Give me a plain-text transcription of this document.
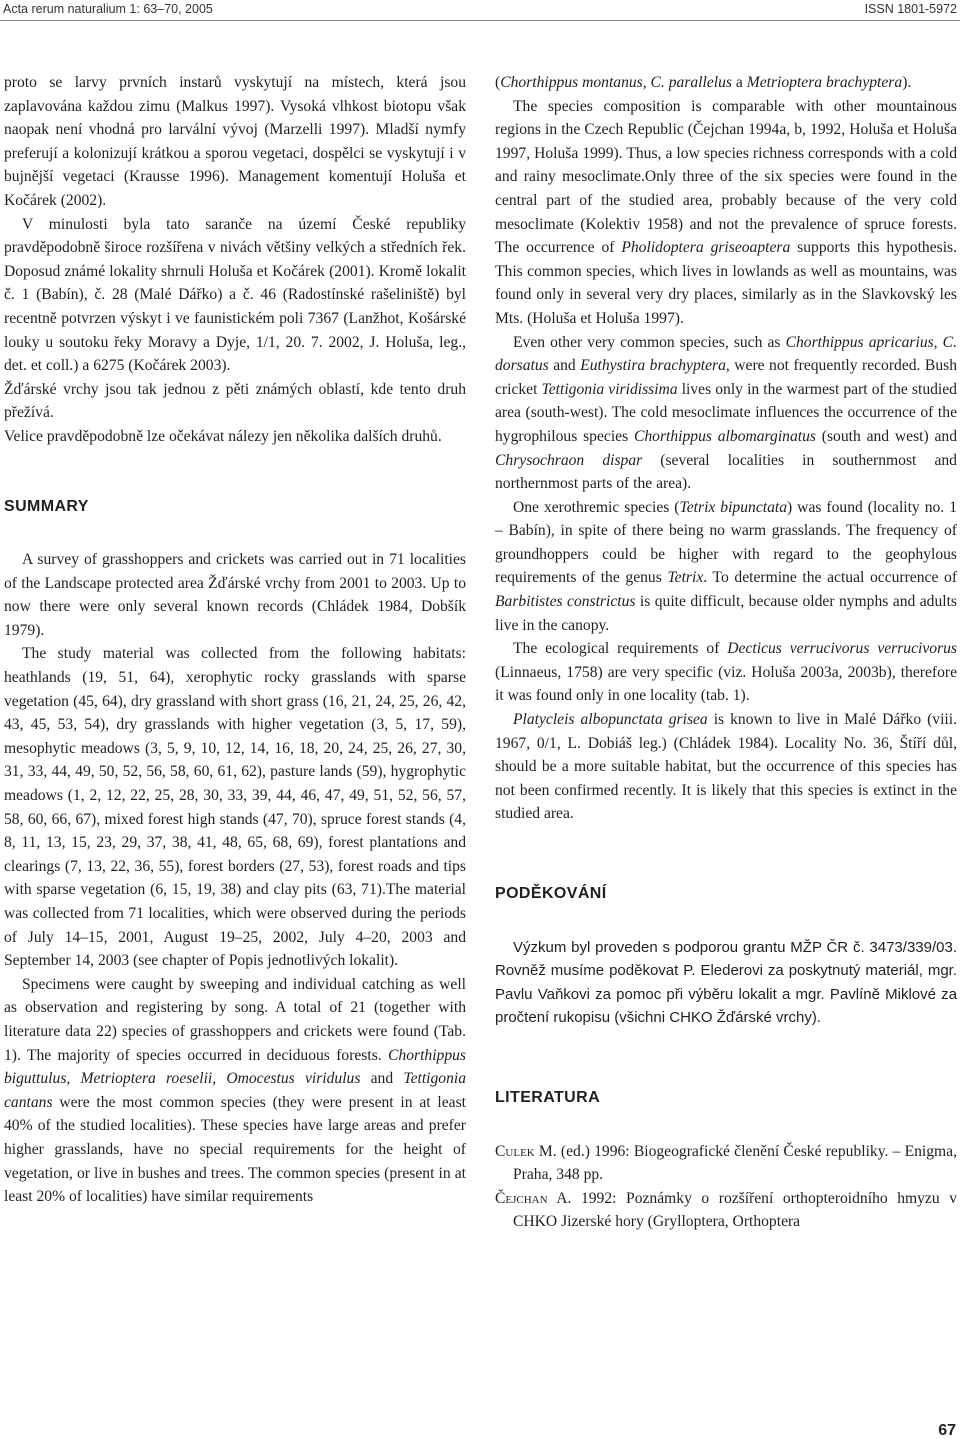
Acta rerum naturalium 1: 63–70, 2005	ISSN 1801-5972

proto se larvy prvních instarů vyskytují na místech, která jsou zaplavována každou zimu (Malkus 1997). Vysoká vlhkost biotopu však naopak není vhodná pro larvální vývoj (Marzelli 1997). Mladší nymfy preferují a kolonizují krátkou a sporou vegetaci, dospělci se vyskytují i v bujnější vegetaci (Krausse 1996). Management komentují Holuša et Kočárek (2002).

V minulosti byla tato saranče na území České republiky pravděpodobně široce rozšířena v nivách většiny velkých a středních řek. Doposud známé lokality shrnuli Holuša et Kočárek (2001). Kromě lokalit č. 1 (Babín), č. 28 (Malé Dářko) a č. 46 (Radostínské rašeliniště) byl recentně potvrzen výskyt i ve faunistickém poli 7367 (Lanžhot, Košárské louky u soutoku řeky Moravy a Dyje, 1/1, 20. 7. 2002, J. Holuša, leg., det. et coll.) a 6275 (Kočárek 2003).

Žďárské vrchy jsou tak jednou z pěti známých oblastí, kde tento druh přežívá.

Velice pravděpodobně lze očekávat nálezy jen několika dalších druhů.

SUMMARY

A survey of grasshoppers and crickets was carried out in 71 localities of the Landscape protected area Žďárské vrchy from 2001 to 2003. Up to now there were only several known records (Chládek 1984, Dobšík 1979).

The study material was collected from the following habitats: heathlands (19, 51, 64), xerophytic rocky grasslands with sparse vegetation (45, 64), dry grassland with short grass (16, 21, 24, 25, 26, 42, 43, 45, 53, 54), dry grasslands with higher vegetation (3, 5, 17, 59), mesophytic meadows (3, 5, 9, 10, 12, 14, 16, 18, 20, 24, 25, 26, 27, 30, 31, 33, 44, 49, 50, 52, 56, 58, 60, 61, 62), pasture lands (59), hygrophytic meadows (1, 2, 12, 22, 25, 28, 30, 33, 39, 44, 46, 47, 49, 51, 52, 56, 57, 58, 60, 66, 67), mixed forest high stands (47, 70), spruce forest stands (4, 8, 11, 13, 15, 23, 29, 37, 38, 41, 48, 65, 68, 69), forest plantations and clearings (7, 13, 22, 36, 55), forest borders (27, 53), forest roads and tips with sparse vegetation (6, 15, 19, 38) and clay pits (63, 71).The material was collected from 71 localities, which were observed during the periods of July 14–15, 2001, August 19–25, 2002, July 4–20, 2003 and September 14, 2003 (see chapter of Popis jednotlivých lokalit).

Specimens were caught by sweeping and individual catching as well as observation and registering by song. A total of 21 (together with literature data 22) species of grasshoppers and crickets were found (Tab. 1). The majority of species occurred in deciduous forests. Chorthippus biguttulus, Metrioptera roeselii, Omocestus viridulus and Tettigonia cantans were the most common species (they were present in at least 40% of the studied localities). These species have large areas and prefer higher grasslands, have no special requirements for the height of vegetation, or live in bushes and trees. The common species (present in at least 20% of localities) have similar requirements

(Chorthippus montanus, C. parallelus a Metrioptera brachyptera).

The species composition is comparable with other mountainous regions in the Czech Republic (Čejchan 1994a, b, 1992, Holuša et Holuša 1997, Holuša 1999). Thus, a low species richness corresponds with a cold and rainy mesoclimate.Only three of the six species were found in the central part of the studied area, probably because of the very cold mesoclimate (Kolektiv 1958) and not the prevalence of spruce forests. The occurrence of Pholidoptera griseoaptera supports this hypothesis. This common species, which lives in lowlands as well as mountains, was found only in several very dry places, similarly as in the Slavkovský les Mts. (Holuša et Holuša 1997).

Even other very common species, such as Chorthippus apricarius, C. dorsatus and Euthystira brachyptera, were not frequently recorded. Bush cricket Tettigonia viridissima lives only in the warmest part of the studied area (south-west). The cold mesoclimate influences the occurrence of the hygrophilous species Chorthippus albomarginatus (south and west) and Chrysochraon dispar (several localities in southernmost and northernmost parts of the area).

One xerothremic species (Tetrix bipunctata) was found (locality no. 1 – Babín), in spite of there being no warm grasslands. The frequency of groundhoppers could be higher with regard to the geophylous requirements of the genus Tetrix. To determine the actual occurrence of Barbitistes constrictus is quite difficult, because older nymphs and adults live in the canopy.

The ecological requirements of Decticus verrucivorus verrucivorus (Linnaeus, 1758) are very specific (viz. Holuša 2003a, 2003b), therefore it was found only in one locality (tab. 1).

Platycleis albopunctata grisea is known to live in Malé Dářko (viii. 1967, 0/1, L. Dobiáš leg.) (Chládek 1984). Locality No. 36, Štíří důl, should be a more suitable habitat, but the occurrence of this species has not been confirmed recently. It is likely that this species is extinct in the studied area.

PODĚKOVÁNÍ

Výzkum byl proveden s podporou grantu MŽP ČR č. 3473/339/03. Rovněž musíme poděkovat P. Elederovi za poskytnutý materiál, mgr. Pavlu Vaňkovi za pomoc při výběru lokalit a mgr. Pavlíně Miklové za pročtení rukopisu (všichni CHKO Žďárské vrchy).

LITERATURA

Culek M. (ed.) 1996: Biogeografické členění České republiky. – Enigma, Praha, 348 pp.

Čejchan A. 1992: Poznámky o rozšíření orthopteroidního hmyzu v CHKO Jizerské hory (Grylloptera, Orthoptera

67
